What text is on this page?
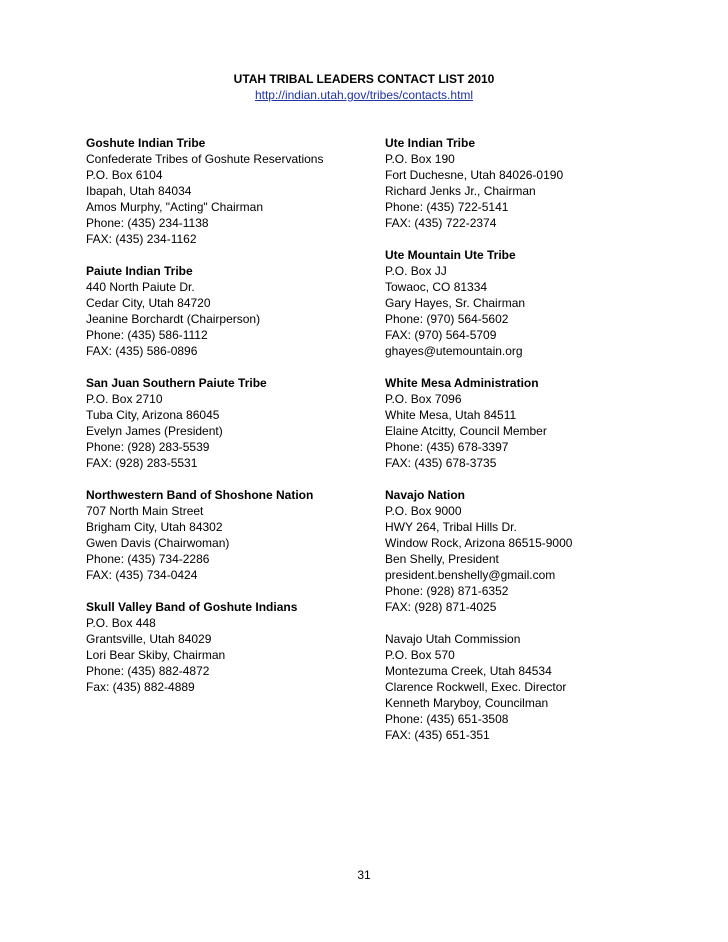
UTAH TRIBAL LEADERS CONTACT LIST 2010
http://indian.utah.gov/tribes/contacts.html
Goshute Indian Tribe
Confederate Tribes of Goshute Reservations
P.O. Box 6104
Ibapah, Utah 84034
Amos Murphy, "Acting" Chairman
Phone: (435) 234-1138
FAX: (435) 234-1162
Paiute Indian Tribe
440 North Paiute Dr.
Cedar City, Utah 84720
Jeanine Borchardt (Chairperson)
Phone: (435) 586-1112
FAX: (435) 586-0896
San Juan Southern Paiute Tribe
P.O. Box 2710
Tuba City, Arizona 86045
Evelyn James (President)
Phone: (928) 283-5539
FAX: (928) 283-5531
Northwestern Band of Shoshone Nation
707 North Main Street
Brigham City, Utah 84302
Gwen Davis (Chairwoman)
Phone: (435) 734-2286
FAX: (435) 734-0424
Skull Valley Band of Goshute Indians
P.O. Box 448
Grantsville, Utah 84029
Lori Bear Skiby, Chairman
Phone: (435) 882-4872
Fax: (435) 882-4889
Ute Indian Tribe
P.O. Box 190
Fort Duchesne, Utah 84026-0190
Richard Jenks Jr., Chairman
Phone: (435) 722-5141
FAX: (435) 722-2374
Ute Mountain Ute Tribe
P.O. Box JJ
Towaoc, CO 81334
Gary Hayes, Sr. Chairman
Phone: (970) 564-5602
FAX: (970) 564-5709
ghayes@utemountain.org
White Mesa Administration
P.O. Box 7096
White Mesa, Utah 84511
Elaine Atcitty, Council Member
Phone: (435) 678-3397
FAX: (435) 678-3735
Navajo Nation
P.O. Box 9000
HWY 264, Tribal Hills Dr.
Window Rock, Arizona 86515-9000
Ben Shelly, President
president.benshelly@gmail.com
Phone: (928) 871-6352
FAX: (928) 871-4025
Navajo Utah Commission
P.O. Box 570
Montezuma Creek, Utah 84534
Clarence Rockwell, Exec. Director
Kenneth Maryboy, Councilman
Phone: (435) 651-3508
FAX: (435) 651-351
31
